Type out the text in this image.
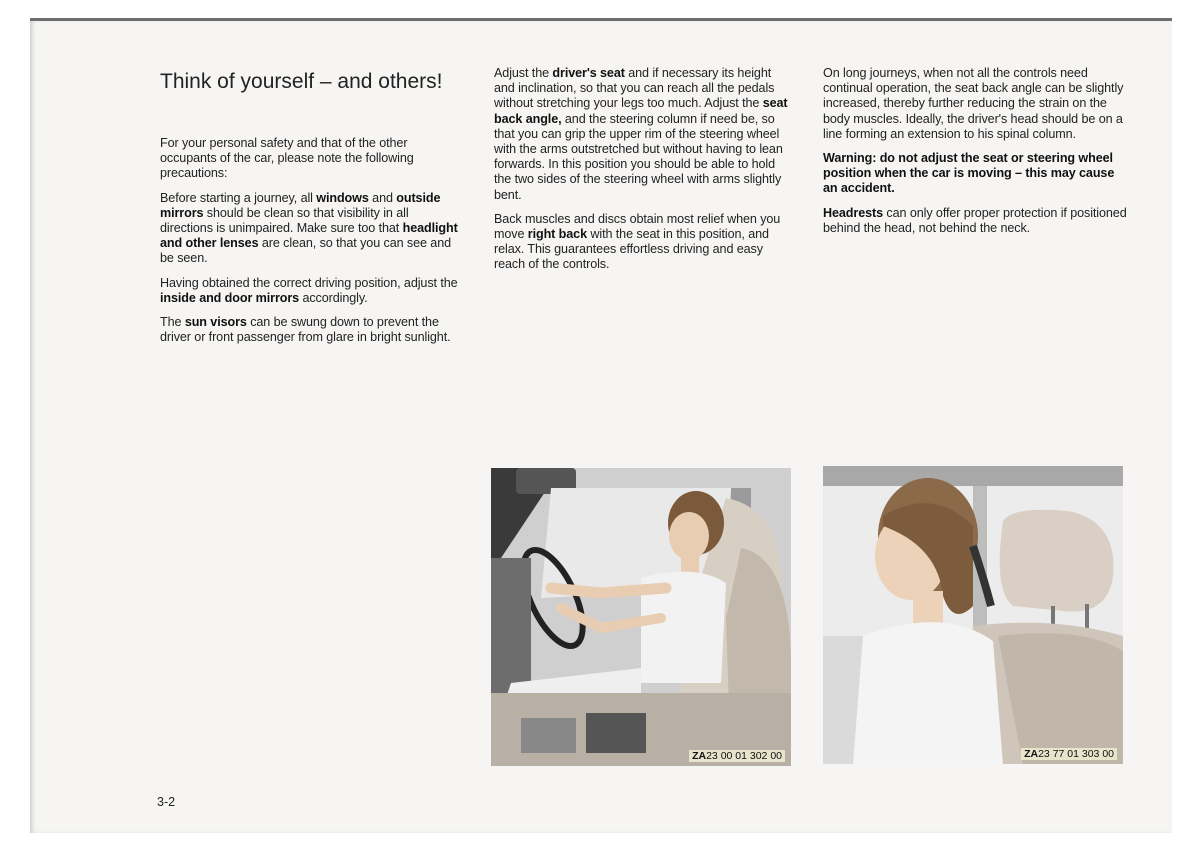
Think of yourself – and others!

For your personal safety and that of the other occupants of the car, please note the following precautions:

Before starting a journey, all windows and outside mirrors should be clean so that visibility in all directions is unimpaired. Make sure too that headlight and other lenses are clean, so that you can see and be seen.

Having obtained the correct driving position, adjust the inside and door mirrors accordingly.

The sun visors can be swung down to prevent the driver or front passenger from glare in bright sunlight.

Adjust the driver's seat and if necessary its height and inclination, so that you can reach all the pedals without stretching your legs too much. Adjust the seat back angle, and the steering column if need be, so that you can grip the upper rim of the steering wheel with the arms outstretched but without having to lean forwards. In this position you should be able to hold the two sides of the steering wheel with arms slightly bent.

Back muscles and discs obtain most relief when you move right back with the seat in this position, and relax. This guarantees effortless driving and easy reach of the controls.

On long journeys, when not all the controls need continual operation, the seat back angle can be slightly increased, thereby further reducing the strain on the body muscles. Ideally, the driver's head should be on a line forming an extension to his spinal column.

Warning: do not adjust the seat or steering wheel position when the car is moving – this may cause an accident.

Headrests can only offer proper protection if positioned behind the head, not behind the neck.

ZA23 00 01 302 00	ZA23 77 01 303 00
3-2
